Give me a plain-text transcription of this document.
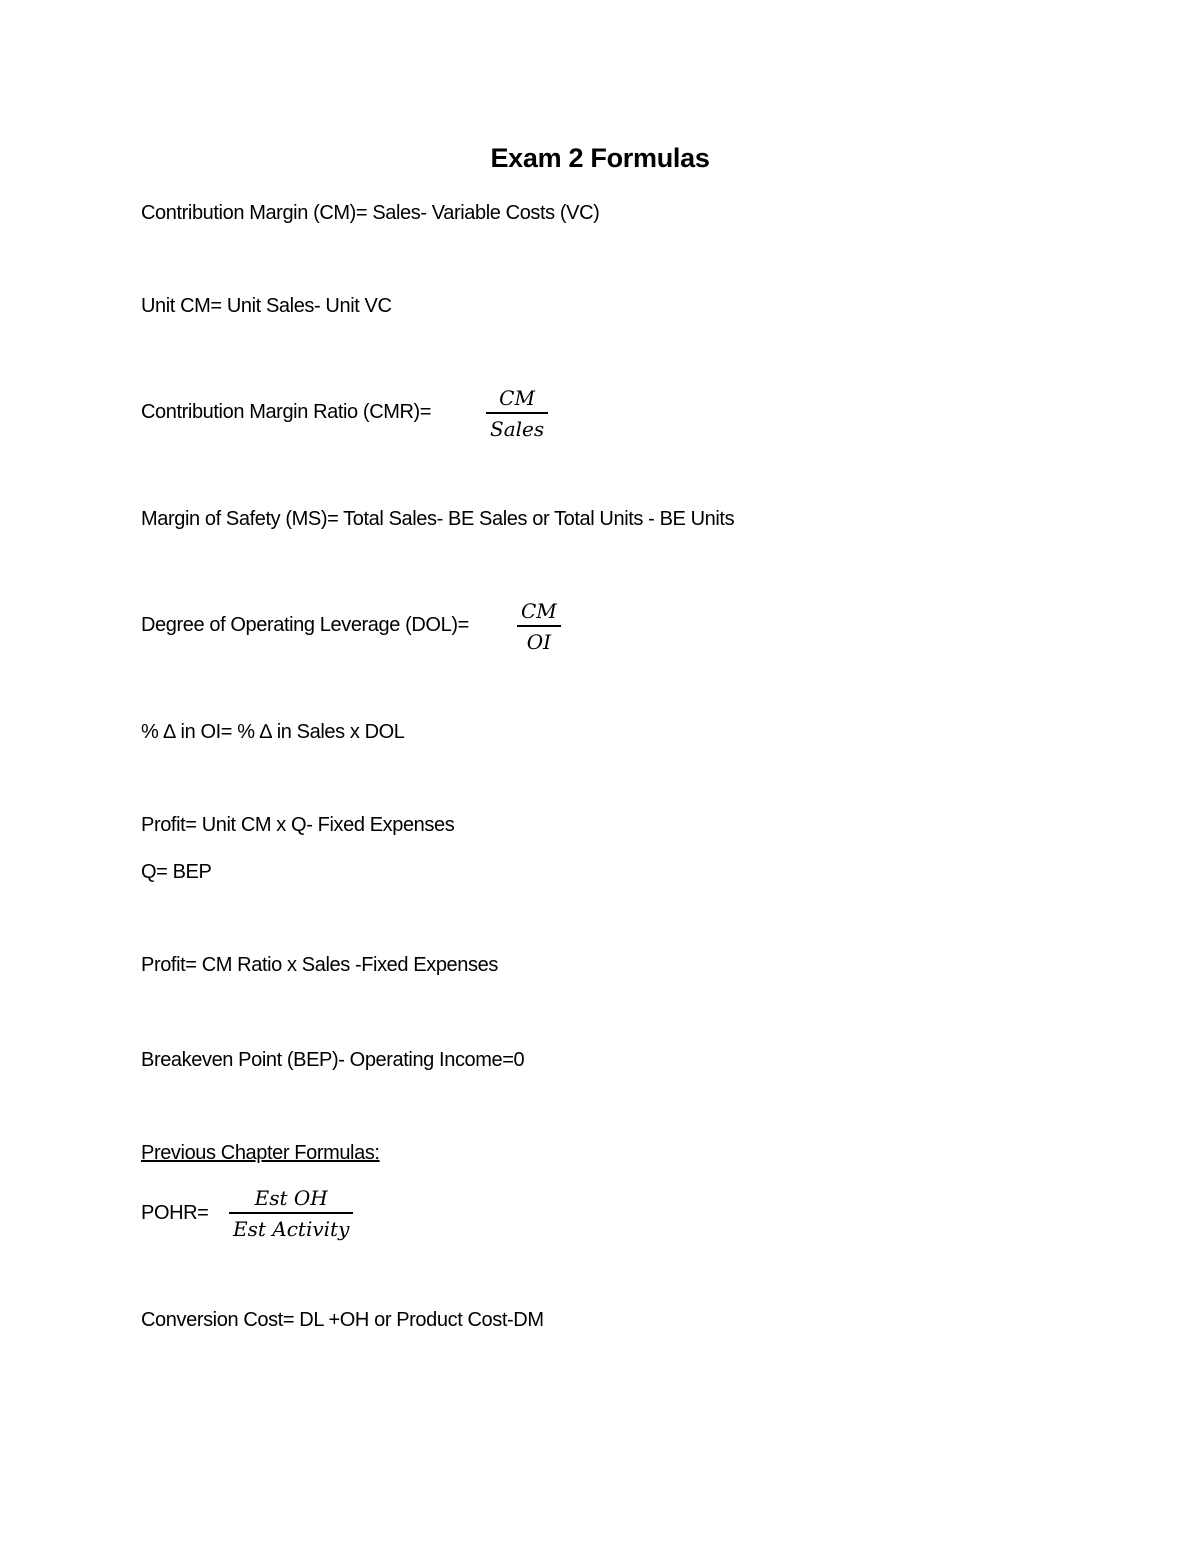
Exam 2 Formulas
Contribution Margin (CM)= Sales- Variable Costs (VC)
Unit CM= Unit Sales- Unit VC
Contribution Margin Ratio (CMR)=
CM
Sales
Margin of Safety (MS)= Total Sales- BE Sales or Total Units - BE Units
Degree of Operating Leverage (DOL)=
CM
OI
% ∆ in OI= % ∆ in Sales x DOL
Profit= Unit CM x Q- Fixed Expenses
Q= BEP
Profit= CM Ratio x Sales -Fixed Expenses
Breakeven Point (BEP)- Operating Income=0
Previous Chapter Formulas:
POHR=
Est OH
Est Activity
Conversion Cost= DL +OH or Product Cost-DM
